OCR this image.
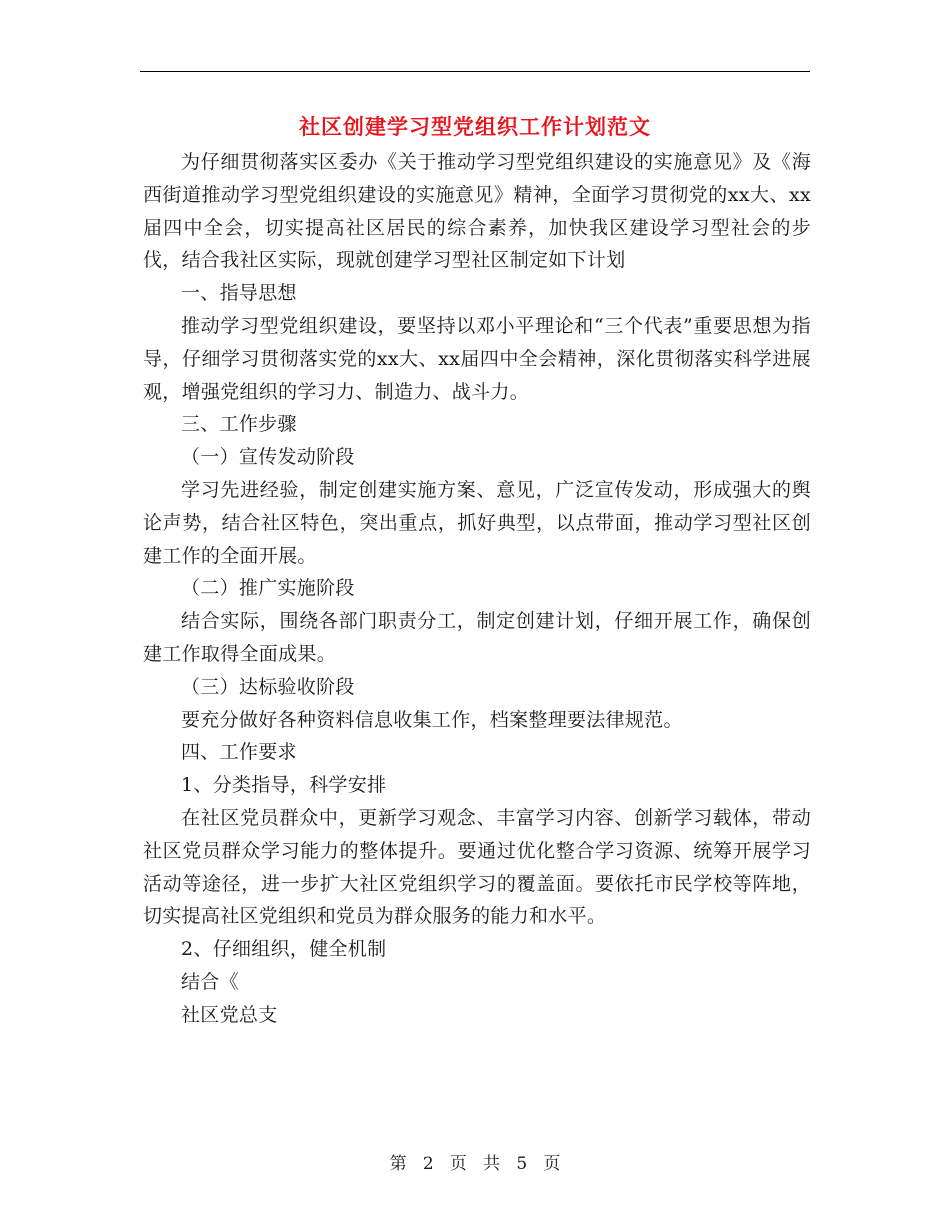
社区创建学习型党组织工作计划范文

为仔细贯彻落实区委办《关于推动学习型党组织建设的实施意见》及《海西街道推动学习型党组织建设的实施意见》精神，全面学习贯彻党的xx大、xx届四中全会，切实提高社区居民的综合素养，加快我区建设学习型社会的步伐，结合我社区实际，现就创建学习型社区制定如下计划

一、指导思想

推动学习型党组织建设，要坚持以邓小平理论和“三个代表”重要思想为指导，仔细学习贯彻落实党的xx大、xx届四中全会精神，深化贯彻落实科学进展观，增强党组织的学习力、制造力、战斗力。

三、工作步骤

（一）宣传发动阶段

学习先进经验，制定创建实施方案、意见，广泛宣传发动，形成强大的舆论声势，结合社区特色，突出重点，抓好典型，以点带面，推动学习型社区创建工作的全面开展。

（二）推广实施阶段

结合实际，围绕各部门职责分工，制定创建计划，仔细开展工作，确保创建工作取得全面成果。

（三）达标验收阶段

要充分做好各种资料信息收集工作，档案整理要法律规范。

四、工作要求

1、分类指导，科学安排

在社区党员群众中，更新学习观念、丰富学习内容、创新学习载体，带动社区党员群众学习能力的整体提升。要通过优化整合学习资源、统筹开展学习活动等途径，进一步扩大社区党组织学习的覆盖面。要依托市民学校等阵地，切实提高社区党组织和党员为群众服务的能力和水平。

2、仔细组织，健全机制

结合《

社区党总支

第 2 页 共 5 页
